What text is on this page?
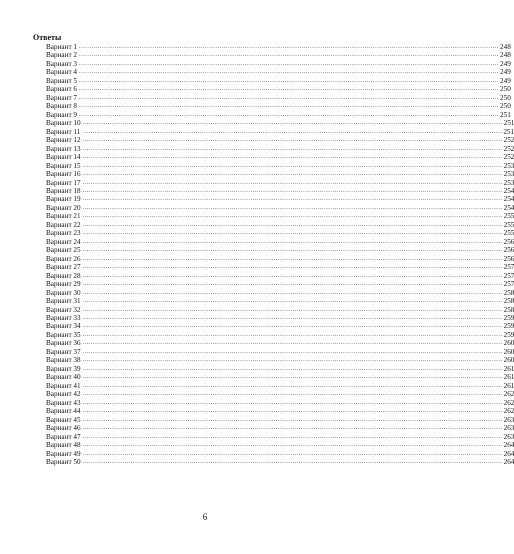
Ответы
Вариант 1 ........................................................................................................................................................................................................ 248
Вариант 2 ........................................................................................................................................................................................................ 248
Вариант 3 ........................................................................................................................................................................................................ 249
Вариант 4 ........................................................................................................................................................................................................ 249
Вариант 5 ........................................................................................................................................................................................................ 249
Вариант 6 ........................................................................................................................................................................................................ 250
Вариант 7 ........................................................................................................................................................................................................ 250
Вариант 8 ........................................................................................................................................................................................................ 250
Вариант 9 ........................................................................................................................................................................................................ 251
Вариант 10 ........................................................................................................................................................................................................ 251
Вариант 11 ........................................................................................................................................................................................................ 251
Вариант 12 ........................................................................................................................................................................................................ 252
Вариант 13 ........................................................................................................................................................................................................ 252
Вариант 14 ........................................................................................................................................................................................................ 252
Вариант 15 ........................................................................................................................................................................................................ 253
Вариант 16 ........................................................................................................................................................................................................ 253
Вариант 17 ........................................................................................................................................................................................................ 253
Вариант 18 ........................................................................................................................................................................................................ 254
Вариант 19 ........................................................................................................................................................................................................ 254
Вариант 20 ........................................................................................................................................................................................................ 254
Вариант 21 ........................................................................................................................................................................................................ 255
Вариант 22 ........................................................................................................................................................................................................ 255
Вариант 23 ........................................................................................................................................................................................................ 255
Вариант 24 ........................................................................................................................................................................................................ 256
Вариант 25 ........................................................................................................................................................................................................ 256
Вариант 26 ........................................................................................................................................................................................................ 256
Вариант 27 ........................................................................................................................................................................................................ 257
Вариант 28 ........................................................................................................................................................................................................ 257
Вариант 29 ........................................................................................................................................................................................................ 257
Вариант 30 ........................................................................................................................................................................................................ 258
Вариант 31 ........................................................................................................................................................................................................ 258
Вариант 32 ........................................................................................................................................................................................................ 258
Вариант 33 ........................................................................................................................................................................................................ 259
Вариант 34 ........................................................................................................................................................................................................ 259
Вариант 35 ........................................................................................................................................................................................................ 259
Вариант 36 ........................................................................................................................................................................................................ 260
Вариант 37 ........................................................................................................................................................................................................ 260
Вариант 38 ........................................................................................................................................................................................................ 260
Вариант 39 ........................................................................................................................................................................................................ 261
Вариант 40 ........................................................................................................................................................................................................ 261
Вариант 41 ........................................................................................................................................................................................................ 261
Вариант 42 ........................................................................................................................................................................................................ 262
Вариант 43 ........................................................................................................................................................................................................ 262
Вариант 44 ........................................................................................................................................................................................................ 262
Вариант 45 ........................................................................................................................................................................................................ 263
Вариант 46 ........................................................................................................................................................................................................ 263
Вариант 47 ........................................................................................................................................................................................................ 263
Вариант 48 ........................................................................................................................................................................................................ 264
Вариант 49 ........................................................................................................................................................................................................ 264
Вариант 50 ........................................................................................................................................................................................................ 264
6
